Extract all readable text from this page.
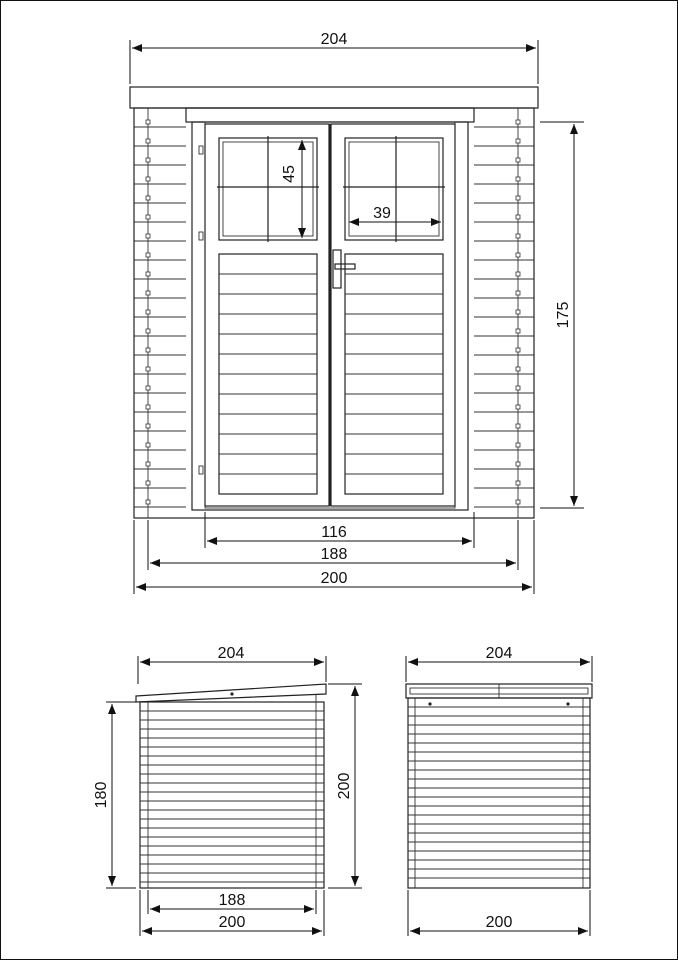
204
45
39
175
116
188
200
204
180	200
188
200
204
200
